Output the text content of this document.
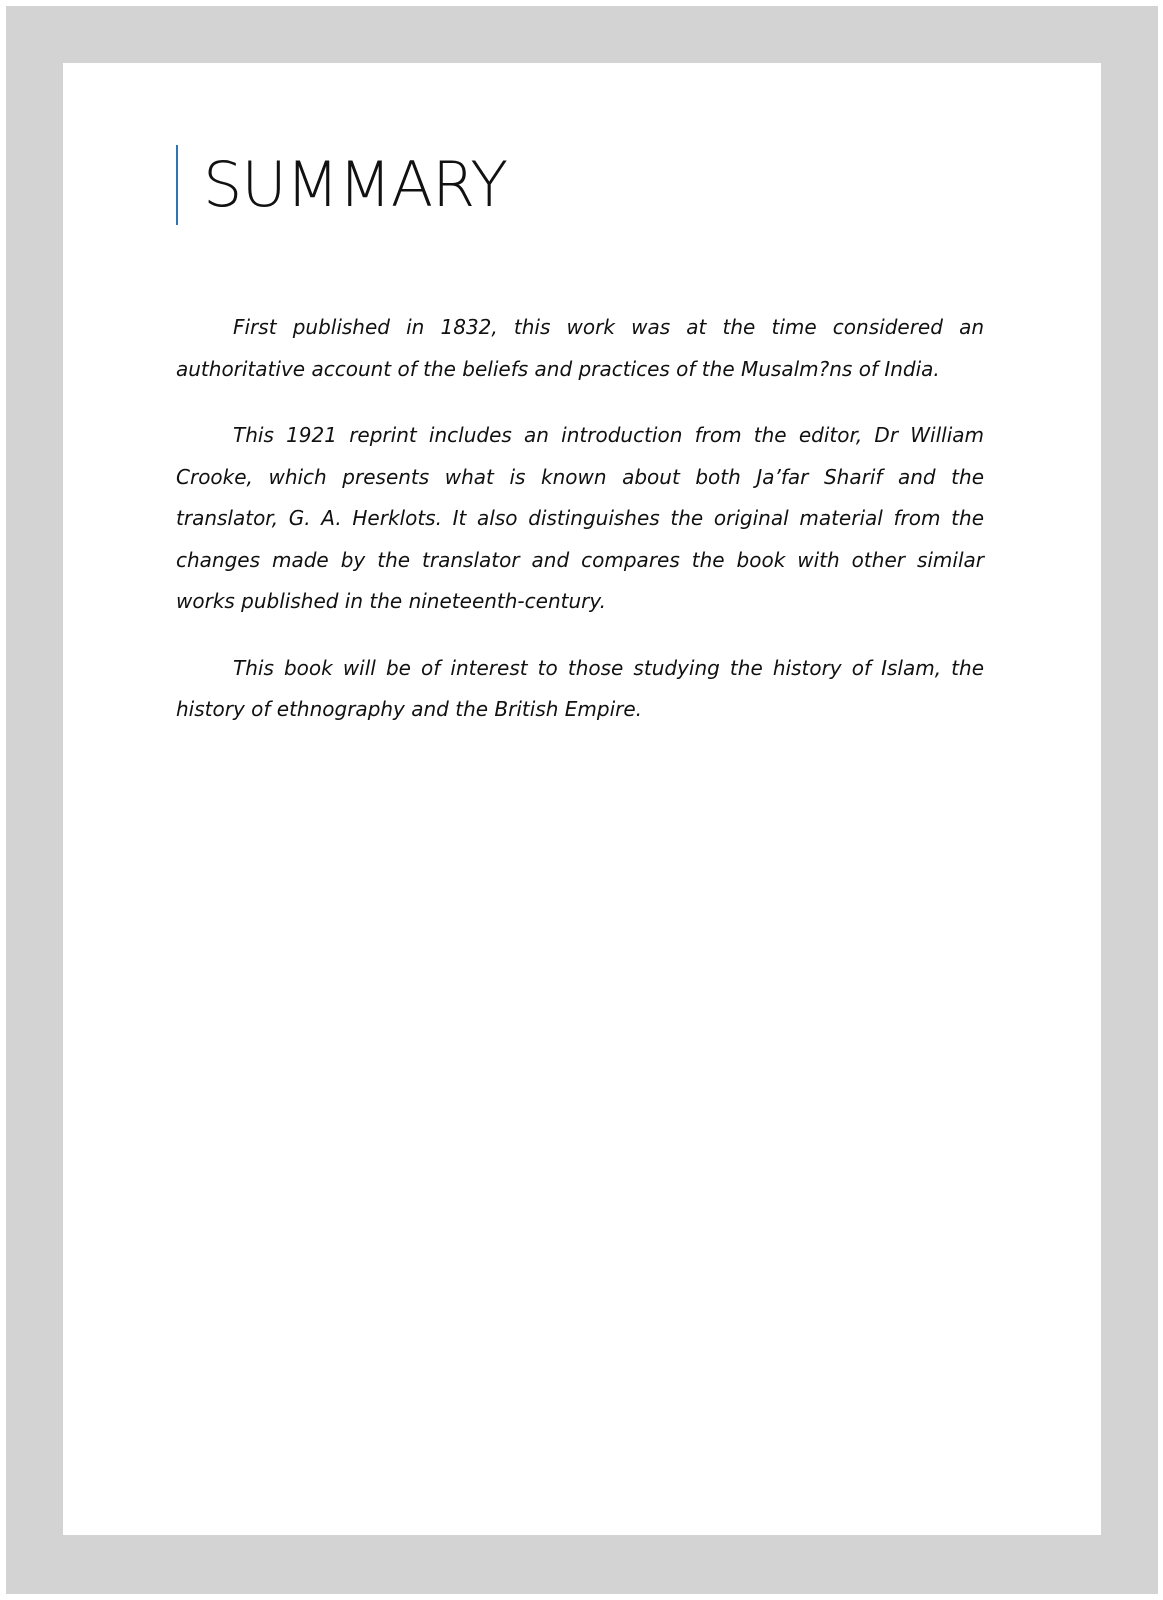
SUMMARY

First published in 1832, this work was at the time considered an authoritative account of the beliefs and practices of the Musalm?ns of India.

This 1921 reprint includes an introduction from the editor, Dr William Crooke, which presents what is known about both Ja’far Sharif and the translator, G. A. Herklots. It also distinguishes the original material from the changes made by the translator and compares the book with other similar works published in the nineteenth-century.

This book will be of interest to those studying the history of Islam, the history of ethnography and the British Empire.
